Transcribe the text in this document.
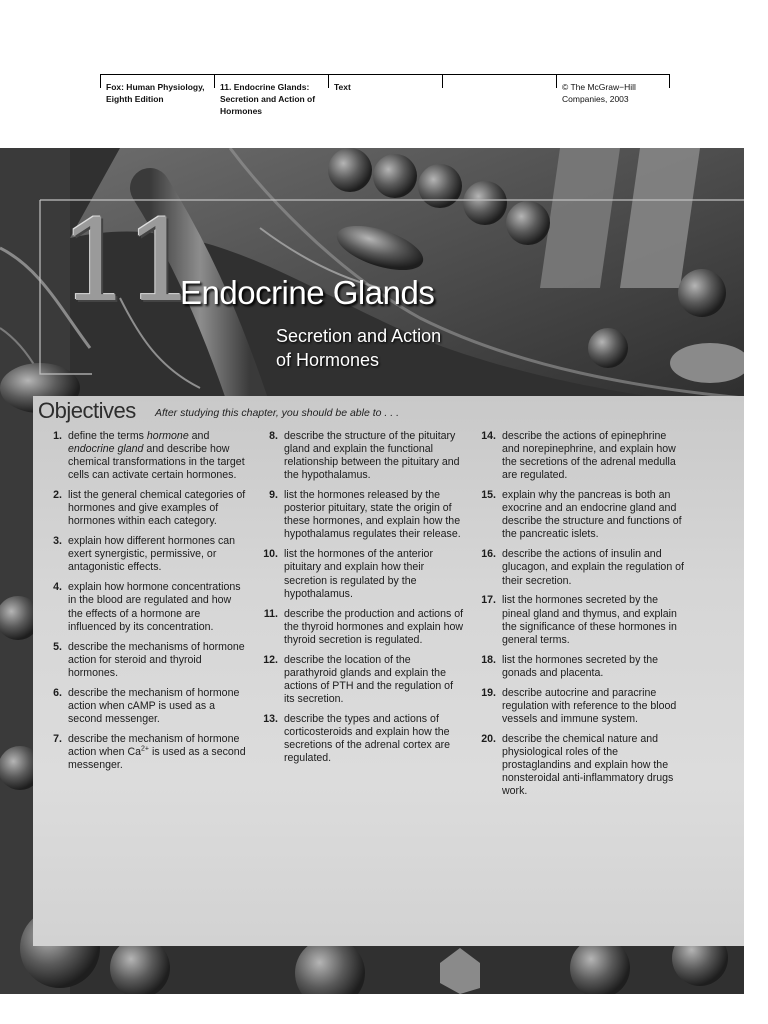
Fox: Human Physiology, Eighth Edition
11. Endocrine Glands: Secretion and Action of Hormones
Text	© The McGraw−Hill Companies, 2003
11
Endocrine Glands
Secretion and Action
of Hormones
Objectives After studying this chapter, you should be able to . . .
1. define the terms hormone and endocrine gland and describe how chemical transformations in the target cells can activate certain hormones.
2. list the general chemical categories of hormones and give examples of hormones within each category.
3. explain how different hormones can exert synergistic, permissive, or antagonistic effects.
4. explain how hormone concentrations in the blood are regulated and how the effects of a hormone are influenced by its concentration.
5. describe the mechanisms of hormone action for steroid and thyroid hormones.
6. describe the mechanism of hormone action when cAMP is used as a second messenger.
7. describe the mechanism of hormone action when $Ca^{2+}$ is used as a second messenger.
8. describe the structure of the pituitary gland and explain the functional relationship between the pituitary and the hypothalamus.
9. list the hormones released by the posterior pituitary, state the origin of these hormones, and explain how the hypothalamus regulates their release.
10. list the hormones of the anterior pituitary and explain how their secretion is regulated by the hypothalamus.
11. describe the production and actions of the thyroid hormones and explain how thyroid secretion is regulated.
12. describe the location of the parathyroid glands and explain the actions of PTH and the regulation of its secretion.
13. describe the types and actions of corticosteroids and explain how the secretions of the adrenal cortex are regulated.
14. describe the actions of epinephrine and norepinephrine, and explain how the secretions of the adrenal medulla are regulated.
15. explain why the pancreas is both an exocrine and an endocrine gland and describe the structure and functions of the pancreatic islets.
16. describe the actions of insulin and glucagon, and explain the regulation of their secretion.
17. list the hormones secreted by the pineal gland and thymus, and explain the significance of these hormones in general terms.
18. list the hormones secreted by the gonads and placenta.
19. describe autocrine and paracrine regulation with reference to the blood vessels and immune system.
20. describe the chemical nature and physiological roles of the prostaglandins and explain how the nonsteroidal anti-inflammatory drugs work.
